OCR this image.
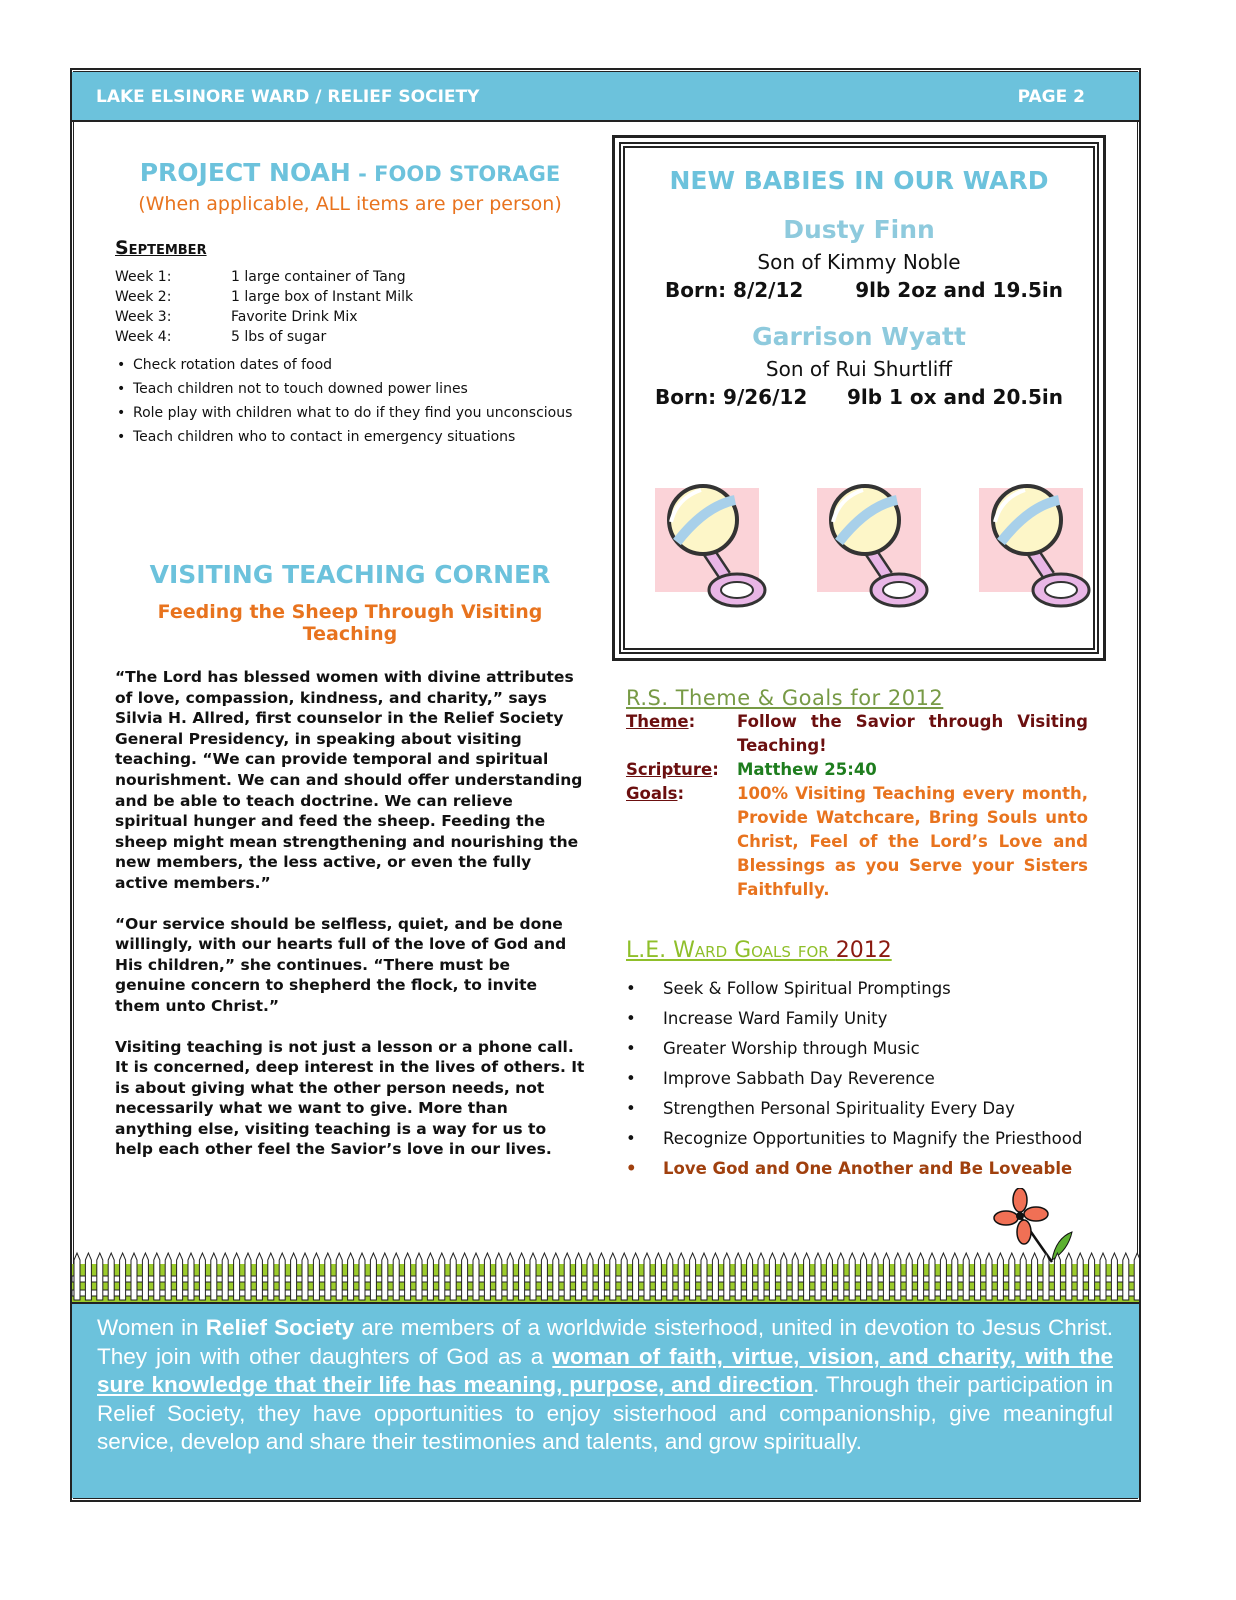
LAKE ELSINORE WARD / RELIEF SOCIETY	PAGE 2
PROJECT NOAH - FOOD STORAGE
(When applicable, ALL items are per person)
September
Week 1:	1 large container of Tang
Week 2:	1 large box of Instant Milk
Week 3:	Favorite Drink Mix
Week 4:	5 lbs of sugar
• Check rotation dates of food
• Teach children not to touch downed power lines
• Role play with children what to do if they find you unconscious
• Teach children who to contact in emergency situations
VISITING TEACHING CORNER
Feeding the Sheep Through Visiting Teaching

“The Lord has blessed women with divine attributes of love, compassion, kindness, and charity,” says Silvia H. Allred, first counselor in the Relief Society General Presidency, in speaking about visiting teaching. “We can provide temporal and spiritual nourishment. We can and should offer understanding and be able to teach doctrine. We can relieve spiritual hunger and feed the sheep. Feeding the sheep might mean strengthening and nourishing the new members, the less active, or even the fully active members.”

“Our service should be selfless, quiet, and be done willingly, with our hearts full of the love of God and His children,” she continues. “There must be genuine concern to shepherd the flock, to invite them unto Christ.”

Visiting teaching is not just a lesson or a phone call. It is concerned, deep interest in the lives of others. It is about giving what the other person needs, not necessarily what we want to give. More than anything else, visiting teaching is a way for us to help each other feel the Savior’s love in our lives.

NEW BABIES IN OUR WARD
Dusty Finn
Son of Kimmy Noble
Born: 8/2/12	9lb 2oz and 19.5in
Garrison Wyatt
Son of Rui Shurtliff
Born: 9/26/12 9lb 1 ox and 20.5in
R.S. Theme & Goals for 2012
Theme:	Follow the Savior through Visiting Teaching!
Scripture:	Matthew 25:40
Goals:	100% Visiting Teaching every month, Provide Watchcare, Bring Souls unto Christ, Feel of the Lord’s Love and Blessings as you Serve your Sisters Faithfully.
L.E. Ward Goals for 2012
• Seek & Follow Spiritual Promptings
• Increase Ward Family Unity
• Greater Worship through Music
• Improve Sabbath Day Reverence
• Strengthen Personal Spirituality Every Day
• Recognize Opportunities to Magnify the Priesthood
• Love God and One Another and Be Loveable
Women in Relief Society are members of a worldwide sisterhood, united in devotion to Jesus Christ. They join with other daughters of God as a woman of faith, virtue, vision, and charity, with the sure knowledge that their life has meaning, purpose, and direction. Through their participation in Relief Society, they have opportunities to enjoy sisterhood and companionship, give meaningful service, develop and share their testimonies and talents, and grow spiritually.
